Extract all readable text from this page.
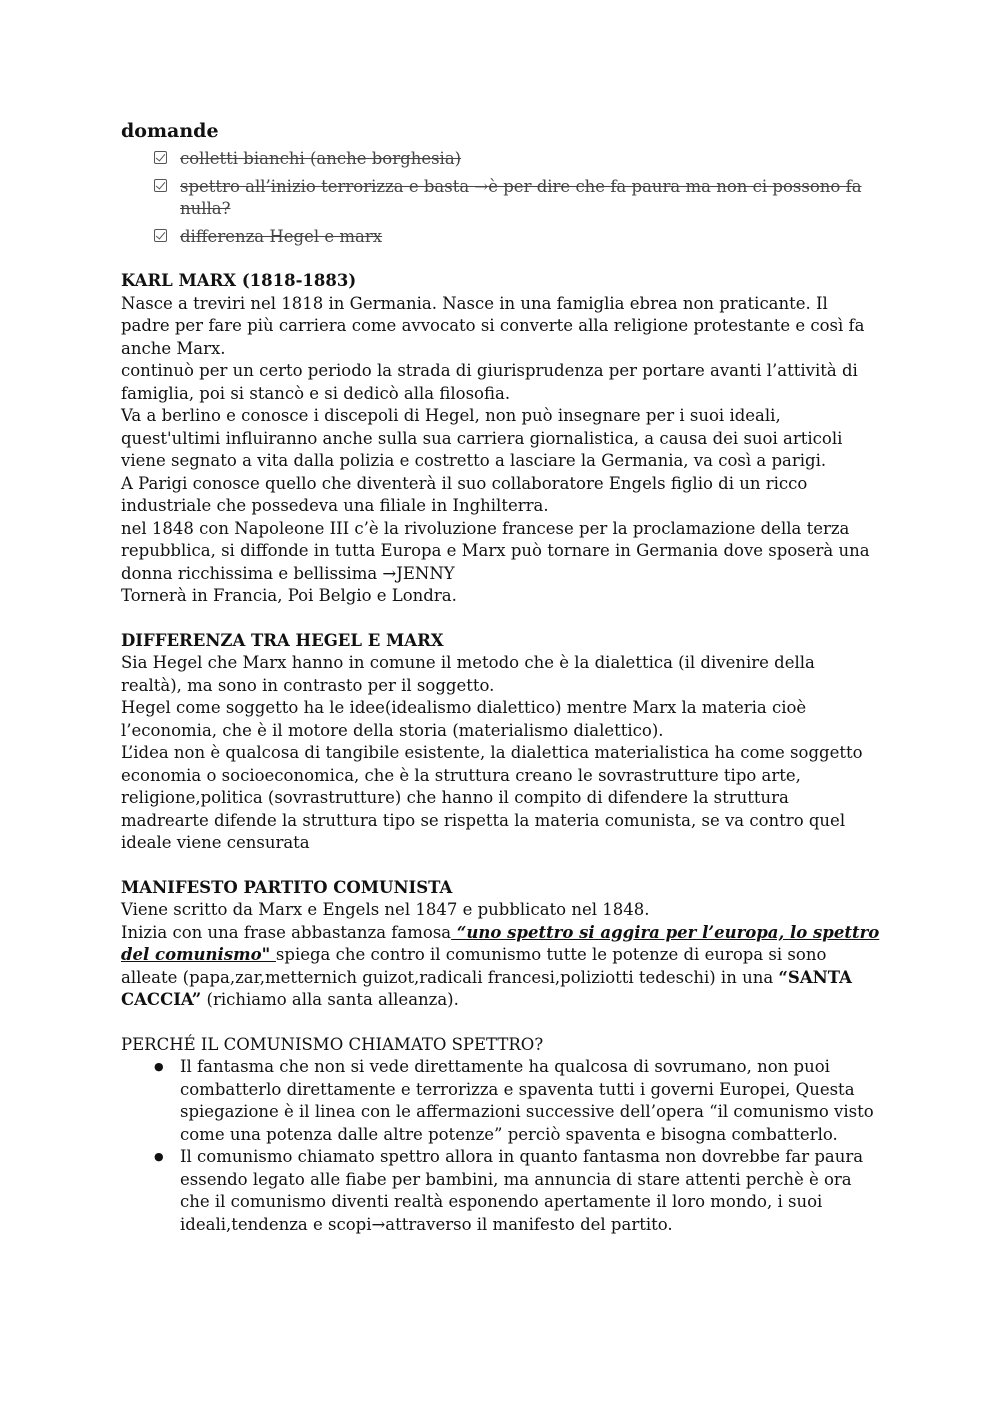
domande
colletti bianchi (anche borghesia)
spettro all’inizio terrorizza e basta →è per dire che fa paura ma non ci possono fa nulla?
differenza Hegel e marx
KARL MARX (1818-1883)

Nasce a treviri nel 1818 in Germania. Nasce in una famiglia ebrea non praticante. Il padre per fare più carriera come avvocato si converte alla religione protestante e così fa anche Marx.

continuò per un certo periodo la strada di giurisprudenza per portare avanti l’attività di famiglia, poi si stancò e si dedicò alla filosofia.

Va a berlino e conosce i discepoli di Hegel, non può insegnare per i suoi ideali, quest'ultimi influiranno anche sulla sua carriera giornalistica, a causa dei suoi articoli viene segnato a vita dalla polizia e costretto a lasciare la Germania, va così a parigi.

A Parigi conosce quello che diventerà il suo collaboratore Engels figlio di un ricco industriale che possedeva una filiale in Inghilterra.

nel 1848 con Napoleone III c’è la rivoluzione francese per la proclamazione della terza repubblica, si diffonde in tutta Europa e Marx può tornare in Germania dove sposerà una donna ricchissima e bellissima →JENNY

Tornerà in Francia, Poi Belgio e Londra.

DIFFERENZA TRA HEGEL E MARX

Sia Hegel che Marx hanno in comune il metodo che è la dialettica (il divenire della realtà), ma sono in contrasto per il soggetto.

Hegel come soggetto ha le idee(idealismo dialettico) mentre Marx la materia cioè l’economia, che è il motore della storia (materialismo dialettico).

L’idea non è qualcosa di tangibile esistente, la dialettica materialistica ha come soggetto economia o socioeconomica, che è la struttura creano le sovrastrutture tipo arte, religione,politica (sovrastrutture) che hanno il compito di difendere la struttura madrearte difende la struttura tipo se rispetta la materia comunista, se va contro quel ideale viene censurata

MANIFESTO PARTITO COMUNISTA

Viene scritto da Marx e Engels nel 1847 e pubblicato nel 1848.

Inizia con una frase abbastanza famosa “uno spettro si aggira per l’europa, lo spettro del comunismo" spiega che contro il comunismo tutte le potenze di europa si sono alleate (papa,zar,metternich guizot,radicali francesi,poliziotti tedeschi) in una “SANTA CACCIA” (richiamo alla santa alleanza).

PERCHÉ IL COMUNISMO CHIAMATO SPETTRO?

● Il fantasma che non si vede direttamente ha qualcosa di sovrumano, non puoi combatterlo direttamente e terrorizza e spaventa tutti i governi Europei, Questa spiegazione è il linea con le affermazioni successive dell’opera “il comunismo visto come una potenza dalle altre potenze” perciò spaventa e bisogna combatterlo.
● Il comunismo chiamato spettro allora in quanto fantasma non dovrebbe far paura essendo legato alle fiabe per bambini, ma annuncia di stare attenti perchè è ora che il comunismo diventi realtà esponendo apertamente il loro mondo, i suoi ideali,tendenza e scopi→attraverso il manifesto del partito.
